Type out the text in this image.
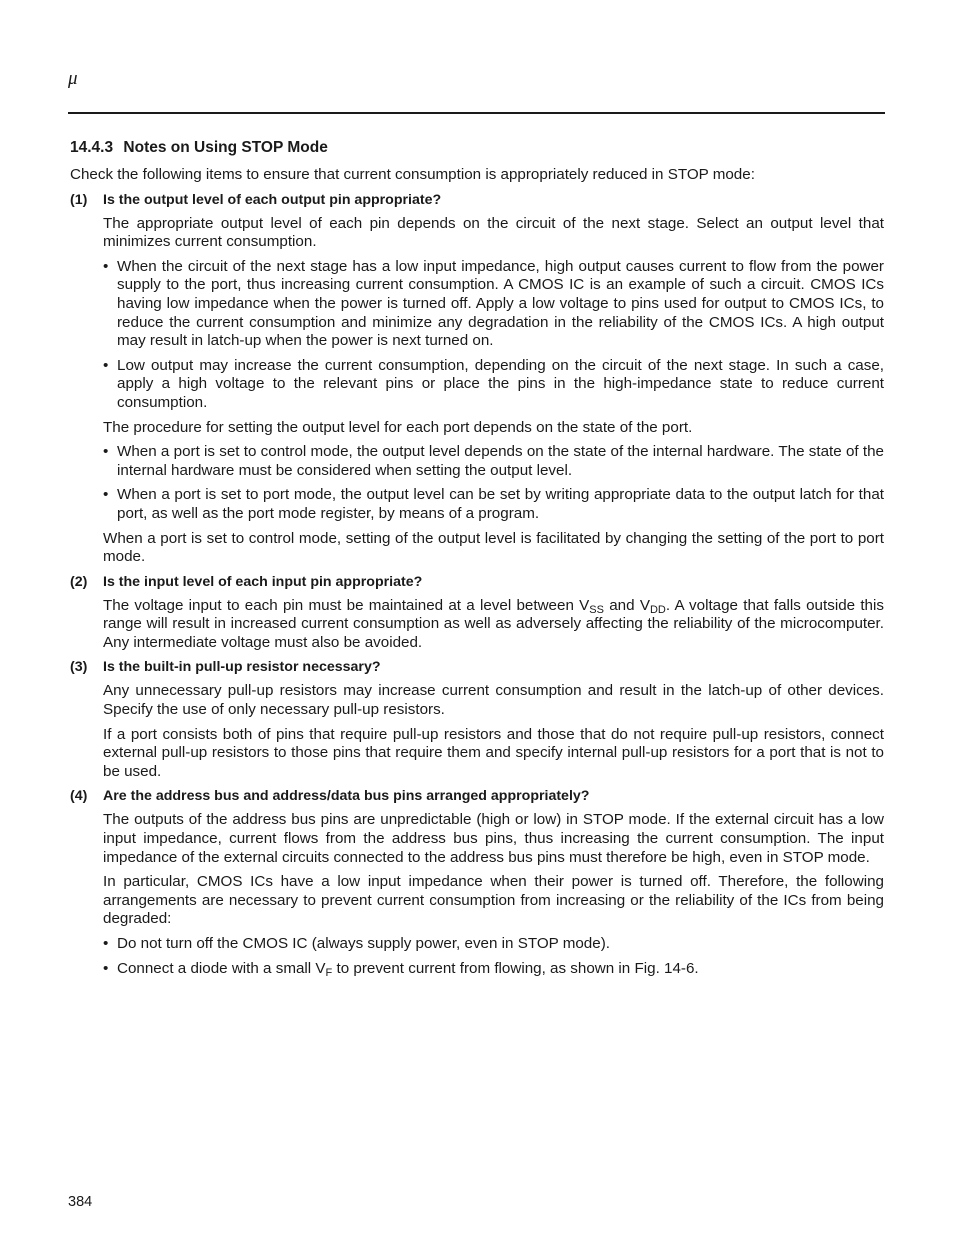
μ
14.4.3 Notes on Using STOP Mode

Check the following items to ensure that current consumption is appropriately reduced in STOP mode:

(1)	Is the output level of each output pin appropriate?

The appropriate output level of each pin depends on the circuit of the next stage. Select an output level that minimizes current consumption.

• When the circuit of the next stage has a low input impedance, high output causes current to flow from the power supply to the port, thus increasing current consumption. A CMOS IC is an example of such a circuit. CMOS ICs having low impedance when the power is turned off. Apply a low voltage to pins used for output to CMOS ICs, to reduce the current consumption and minimize any degradation in the reliability of the CMOS ICs. A high output may result in latch-up when the power is next turned on.
• Low output may increase the current consumption, depending on the circuit of the next stage. In such a case, apply a high voltage to the relevant pins or place the pins in the high-impedance state to reduce current consumption.

The procedure for setting the output level for each port depends on the state of the port.

• When a port is set to control mode, the output level depends on the state of the internal hardware. The state of the internal hardware must be considered when setting the output level.
• When a port is set to port mode, the output level can be set by writing appropriate data to the output latch for that port, as well as the port mode register, by means of a program.

When a port is set to control mode, setting of the output level is facilitated by changing the setting of the port to port mode.

(2)	Is the input level of each input pin appropriate?

The voltage input to each pin must be maintained at a level between $V_{SS}$ and $V_{DD}$. A voltage that falls outside this range will result in increased current consumption as well as adversely affecting the reliability of the microcomputer. Any intermediate voltage must also be avoided.

(3)	Is the built-in pull-up resistor necessary?

Any unnecessary pull-up resistors may increase current consumption and result in the latch-up of other devices. Specify the use of only necessary pull-up resistors.

If a port consists both of pins that require pull-up resistors and those that do not require pull-up resistors, connect external pull-up resistors to those pins that require them and specify internal pull-up resistors for a port that is not to be used.

(4)	Are the address bus and address/data bus pins arranged appropriately?

The outputs of the address bus pins are unpredictable (high or low) in STOP mode. If the external circuit has a low input impedance, current flows from the address bus pins, thus increasing the current consumption. The input impedance of the external circuits connected to the address bus pins must therefore be high, even in STOP mode.

In particular, CMOS ICs have a low input impedance when their power is turned off. Therefore, the following arrangements are necessary to prevent current consumption from increasing or the reliability of the ICs from being degraded:

• Do not turn off the CMOS IC (always supply power, even in STOP mode).
• Connect a diode with a small $V_F$ to prevent current from flowing, as shown in Fig. 14-6.
384
